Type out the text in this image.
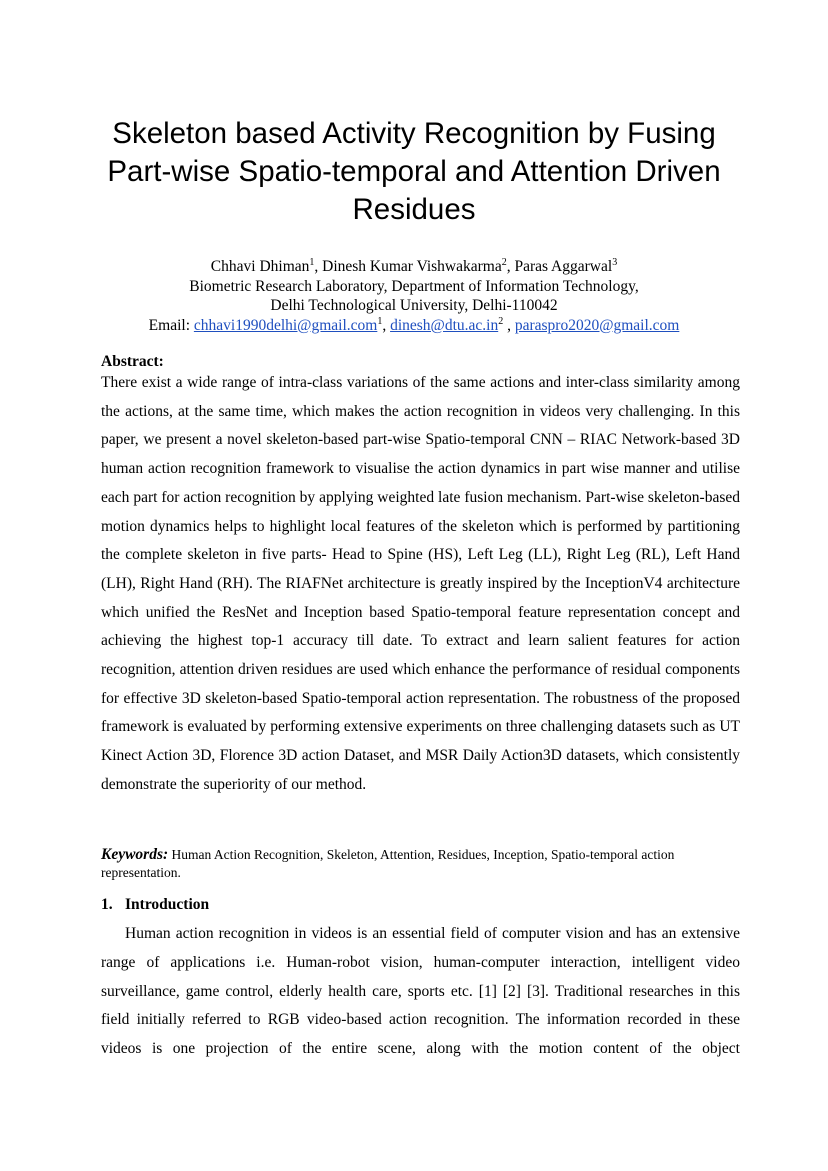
Skeleton based Activity Recognition by Fusing
Part-wise Spatio-temporal and Attention Driven
Residues
Chhavi Dhiman$^1$, Dinesh Kumar Vishwakarma$^2$, Paras Aggarwal$^3$
Biometric Research Laboratory, Department of Information Technology,
Delhi Technological University, Delhi-110042
Email: chhavi1990delhi@gmail.com$^1$, $dinesh@dtu.ac.in^2$ , paraspro2020@gmail.com
Abstract:

There exist a wide range of intra-class variations of the same actions and inter-class similarity among the actions, at the same time, which makes the action recognition in videos very challenging. In this paper, we present a novel skeleton-based part-wise Spatio-temporal CNN – RIAC Network-based 3D human action recognition framework to visualise the action dynamics in part wise manner and utilise each part for action recognition by applying weighted late fusion mechanism. Part-wise skeleton-based motion dynamics helps to highlight local features of the skeleton which is performed by partitioning the complete skeleton in five parts- Head to Spine (HS), Left Leg (LL), Right Leg (RL), Left Hand (LH), Right Hand (RH). The RIAFNet architecture is greatly inspired by the InceptionV4 architecture which unified the ResNet and Inception based Spatio-temporal feature representation concept and achieving the highest top-1 accuracy till date. To extract and learn salient features for action recognition, attention driven residues are used which enhance the performance of residual components for effective 3D skeleton-based Spatio-temporal action representation. The robustness of the proposed framework is evaluated by performing extensive experiments on three challenging datasets such as UT Kinect Action 3D, Florence 3D action Dataset, and MSR Daily Action3D datasets, which consistently demonstrate the superiority of our method.

Keywords: Human Action Recognition, Skeleton, Attention, Residues, Inception, Spatio-temporal action representation.

1. Introduction

Human action recognition in videos is an essential field of computer vision and has an extensive range of applications i.e. Human-robot vision, human-computer interaction, intelligent video surveillance, game control, elderly health care, sports etc. [1] [2] [3]. Traditional researches in this field initially referred to RGB video-based action recognition. The information recorded in these videos is one projection of the entire scene, along with the motion content of the object
